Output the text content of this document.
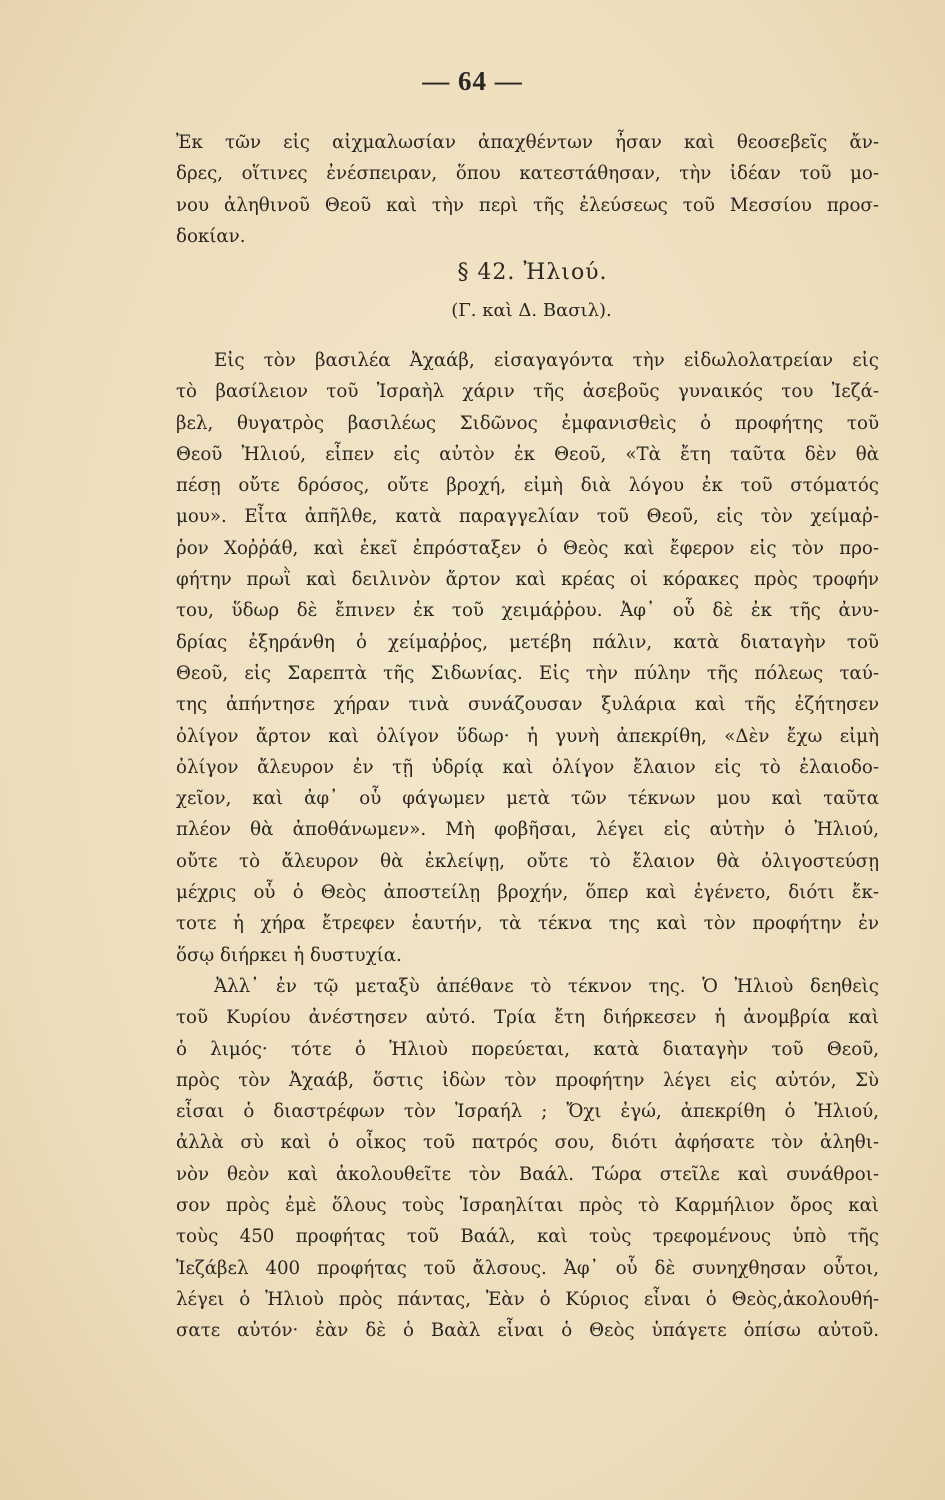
— 64 —
Ἐκ τῶν εἰς αἰχμαλωσίαν ἀπαχθέντων ἦσαν καὶ θεοσεβεῖς ἄν-
δρες, οἵτινες ἐνέσπειραν, ὅπου κατεστάθησαν, τὴν ἰδέαν τοῦ μο-
νου ἀληθινοῦ Θεοῦ καὶ τὴν περὶ τῆς ἐλεύσεως τοῦ Μεσσίου προσ-
δοκίαν.
§ 42. Ἠλιού.
(Γ. καὶ Δ. Βασιλ).
Εἰς τὸν βασιλέα Ἀχαάβ, εἰσαγαγόντα τὴν εἰδωλολατρείαν εἰς
τὸ βασίλειον τοῦ Ἰσραὴλ χάριν τῆς ἀσεβοῦς γυναικός του Ἰεζά-
βελ, θυγατρὸς βασιλέως Σιδῶνος ἐμφανισθεὶς ὁ προφήτης τοῦ
Θεοῦ Ἠλιού, εἶπεν εἰς αὐτὸν ἐκ Θεοῦ, «Τὰ ἔτη ταῦτα δὲν θὰ
πέσῃ οὔτε δρόσος, οὔτε βροχή, εἰμὴ διὰ λόγου ἐκ τοῦ στόματός
μου». Εἶτα ἀπῆλθε, κατὰ παραγγελίαν τοῦ Θεοῦ, εἰς τὸν χείμαῤ-
ῥον Χοῤῥάθ, καὶ ἐκεῖ ἐπρόσταξεν ὁ Θεὸς καὶ ἔφερον εἰς τὸν προ-
φήτην πρωῒ καὶ δειλινὸν ἄρτον καὶ κρέας οἱ κόρακες πρὸς τροφήν
του, ὕδωρ δὲ ἔπινεν ἐκ τοῦ χειμάῤῥου. Ἀφ᾽ οὗ δὲ ἐκ τῆς ἀνυ-
δρίας ἐξηράνθη ὁ χείμαῤῥος, μετέβη πάλιν, κατὰ διαταγὴν τοῦ
Θεοῦ, εἰς Σαρεπτὰ τῆς Σιδωνίας. Εἰς τὴν πύλην τῆς πόλεως ταύ-
της ἀπήντησε χήραν τινὰ συνάζουσαν ξυλάρια καὶ τῆς ἐζήτησεν
ὀλίγον ἄρτον καὶ ὀλίγον ὕδωρ· ἡ γυνὴ ἀπεκρίθη, «Δὲν ἔχω εἰμὴ
ὀλίγον ἄλευρον ἐν τῇ ὑδρίᾳ καὶ ὀλίγον ἔλαιον εἰς τὸ ἐλαιοδο-
χεῖον, καὶ ἀφ᾽ οὗ φάγωμεν μετὰ τῶν τέκνων μου καὶ ταῦτα
πλέον θὰ ἀποθάνωμεν». Μὴ φοβῆσαι, λέγει εἰς αὐτὴν ὁ Ἠλιού,
οὔτε τὸ ἄλευρον θὰ ἐκλείψῃ, οὔτε τὸ ἔλαιον θὰ ὀλιγοστεύσῃ
μέχρις οὗ ὁ Θεὸς ἀποστείλῃ βροχήν, ὅπερ καὶ ἐγένετο, διότι ἔκ-
τοτε ἡ χήρα ἔτρεφεν ἑαυτήν, τὰ τέκνα της καὶ τὸν προφήτην ἐν
ὅσῳ διήρκει ἡ δυστυχία.
Ἀλλ᾽ ἐν τῷ μεταξὺ ἀπέθανε τὸ τέκνον της. Ὁ Ἠλιοὺ δεηθεὶς
τοῦ Κυρίου ἀνέστησεν αὐτό. Τρία ἔτη διήρκεσεν ἡ ἀνομβρία καὶ
ὁ λιμός· τότε ὁ Ἠλιοὺ πορεύεται, κατὰ διαταγὴν τοῦ Θεοῦ,
πρὸς τὸν Ἀχαάβ, ὅστις ἰδὼν τὸν προφήτην λέγει εἰς αὐτόν, Σὺ
εἶσαι ὁ διαστρέφων τὸν Ἰσραήλ ; Ὄχι ἐγώ, ἀπεκρίθη ὁ Ἠλιού,
ἀλλὰ σὺ καὶ ὁ οἶκος τοῦ πατρός σου, διότι ἀφήσατε τὸν ἀληθι-
νὸν θεὸν καὶ ἀκολουθεῖτε τὸν Βαάλ. Τώρα στεῖλε καὶ συνάθροι-
σον πρὸς ἐμὲ ὅλους τοὺς Ἰσραηλίται πρὸς τὸ Καρμήλιον ὄρος καὶ
τοὺς 450 προφήτας τοῦ Βαάλ, καὶ τοὺς τρεφομένους ὑπὸ τῆς
Ἰεζάβελ 400 προφήτας τοῦ ἄλσους. Ἀφ᾽ οὗ δὲ συνηχθησαν οὗτοι,
λέγει ὁ Ἠλιοὺ πρὸς πάντας, Ἐὰν ὁ Κύριος εἶναι ὁ Θεὸς,ἀκολουθή-
σατε αὐτόν· ἐὰν δὲ ὁ Βαὰλ εἶναι ὁ Θεὸς ὑπάγετε ὀπίσω αὐτοῦ.
